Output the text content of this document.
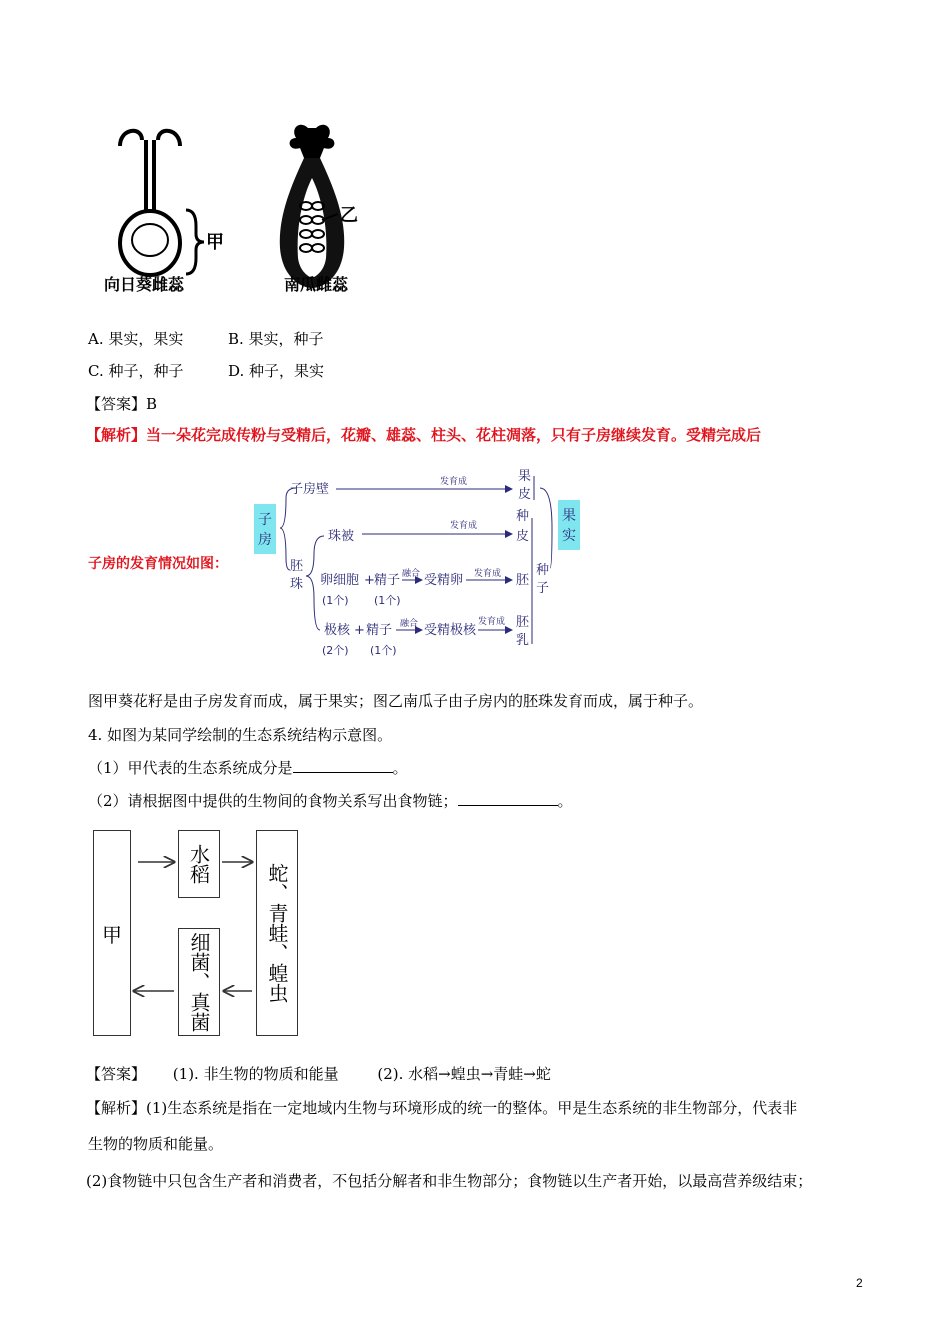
甲
乙
向日葵雌蕊	南瓜雌蕊
A. 果实，果实	B. 果实，种子
C. 种子，种子	D. 种子，果实
【答案】B
【解析】当一朵花完成传粉与受精后，花瓣、雄蕊、柱头、花柱凋落，只有子房继续发育。受精完成后
子房的发育情况如图：
子
房
子房壁	发育成	果
皮
胚
珠
珠被
发育成
种
皮
卵细胞
(1个)
+ 精子
(1个)
融合 受精卵 发育成 胚
极核
(2个)
+ 精子
(1个)
融合 受精极核
发育成 胚
乳
种
子
果
实
图甲葵花籽是由子房发育而成，属于果实；图乙南瓜子由子房内的胚珠发育而成，属于种子。
4. 如图为某同学绘制的生态系统结构示意图。
（1）甲代表的生态系统成分是	。
（2）请根据图中提供的生物间的食物关系写出食物链；	。
甲
水稻
细菌、真菌	蛇、青蛙、蝗虫
【答案】 (1). 非生物的物质和能量	(2). 水稻→蝗虫→青蛙→蛇
【解析】(1)生态系统是指在一定地域内生物与环境形成的统一的整体。甲是生态系统的非生物部分，代表非
生物的物质和能量。
(2)食物链中只包含生产者和消费者，不包括分解者和非生物部分；食物链以生产者开始，以最高营养级结束；
2
